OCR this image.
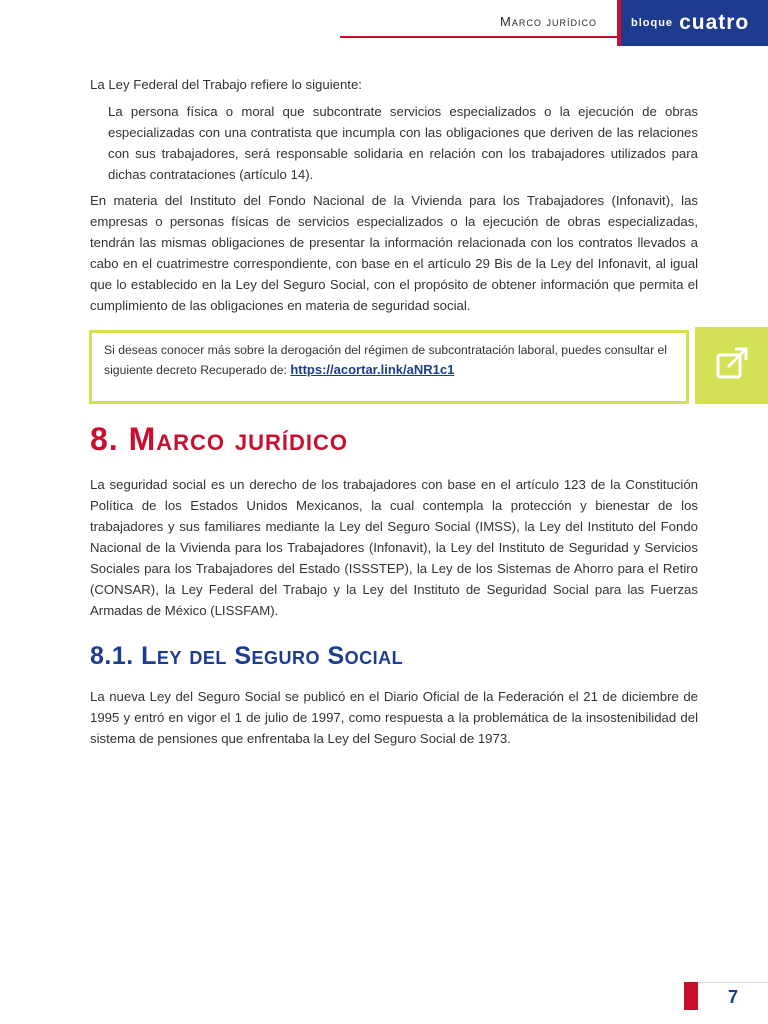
Marco jurídico	bloque cuatro

La Ley Federal del Trabajo refiere lo siguiente:

La persona física o moral que subcontrate servicios especializados o la ejecución de obras especializadas con una contratista que incumpla con las obligaciones que deriven de las relaciones con sus trabajadores, será responsable solidaria en relación con los trabajadores utilizados para dichas contrataciones (artículo 14).

En materia del Instituto del Fondo Nacional de la Vivienda para los Trabajadores (Infonavit), las empresas o personas físicas de servicios especializados o la ejecución de obras especializadas, tendrán las mismas obligaciones de presentar la información relacionada con los contratos llevados a cabo en el cuatrimestre correspondiente, con base en el artículo 29 Bis de la Ley del Infonavit, al igual que lo establecido en la Ley del Seguro Social, con el propósito de obtener información que permita el cumplimiento de las obligaciones en materia de seguridad social.

Si deseas conocer más sobre la derogación del régimen de subcontratación laboral, puedes consultar el siguiente decreto Recuperado de: https://acortar.link/aNR1c1
8. Marco jurídico

La seguridad social es un derecho de los trabajadores con base en el artículo 123 de la Constitución Política de los Estados Unidos Mexicanos, la cual contempla la protección y bienestar de los trabajadores y sus familiares mediante la Ley del Seguro Social (IMSS), la Ley del Instituto del Fondo Nacional de la Vivienda para los Trabajadores (Infonavit), la Ley del Instituto de Seguridad y Servicios Sociales para los Trabajadores del Estado (ISSSTEP), la Ley de los Sistemas de Ahorro para el Retiro (CONSAR), la Ley Federal del Trabajo y la Ley del Instituto de Seguridad Social para las Fuerzas Armadas de México (LISSFAM).

8.1. Ley del Seguro Social

La nueva Ley del Seguro Social se publicó en el Diario Oficial de la Federación el 21 de diciembre de 1995 y entró en vigor el 1 de julio de 1997, como respuesta a la problemática de la insostenibilidad del sistema de pensiones que enfrentaba la Ley del Seguro Social de 1973.

7
